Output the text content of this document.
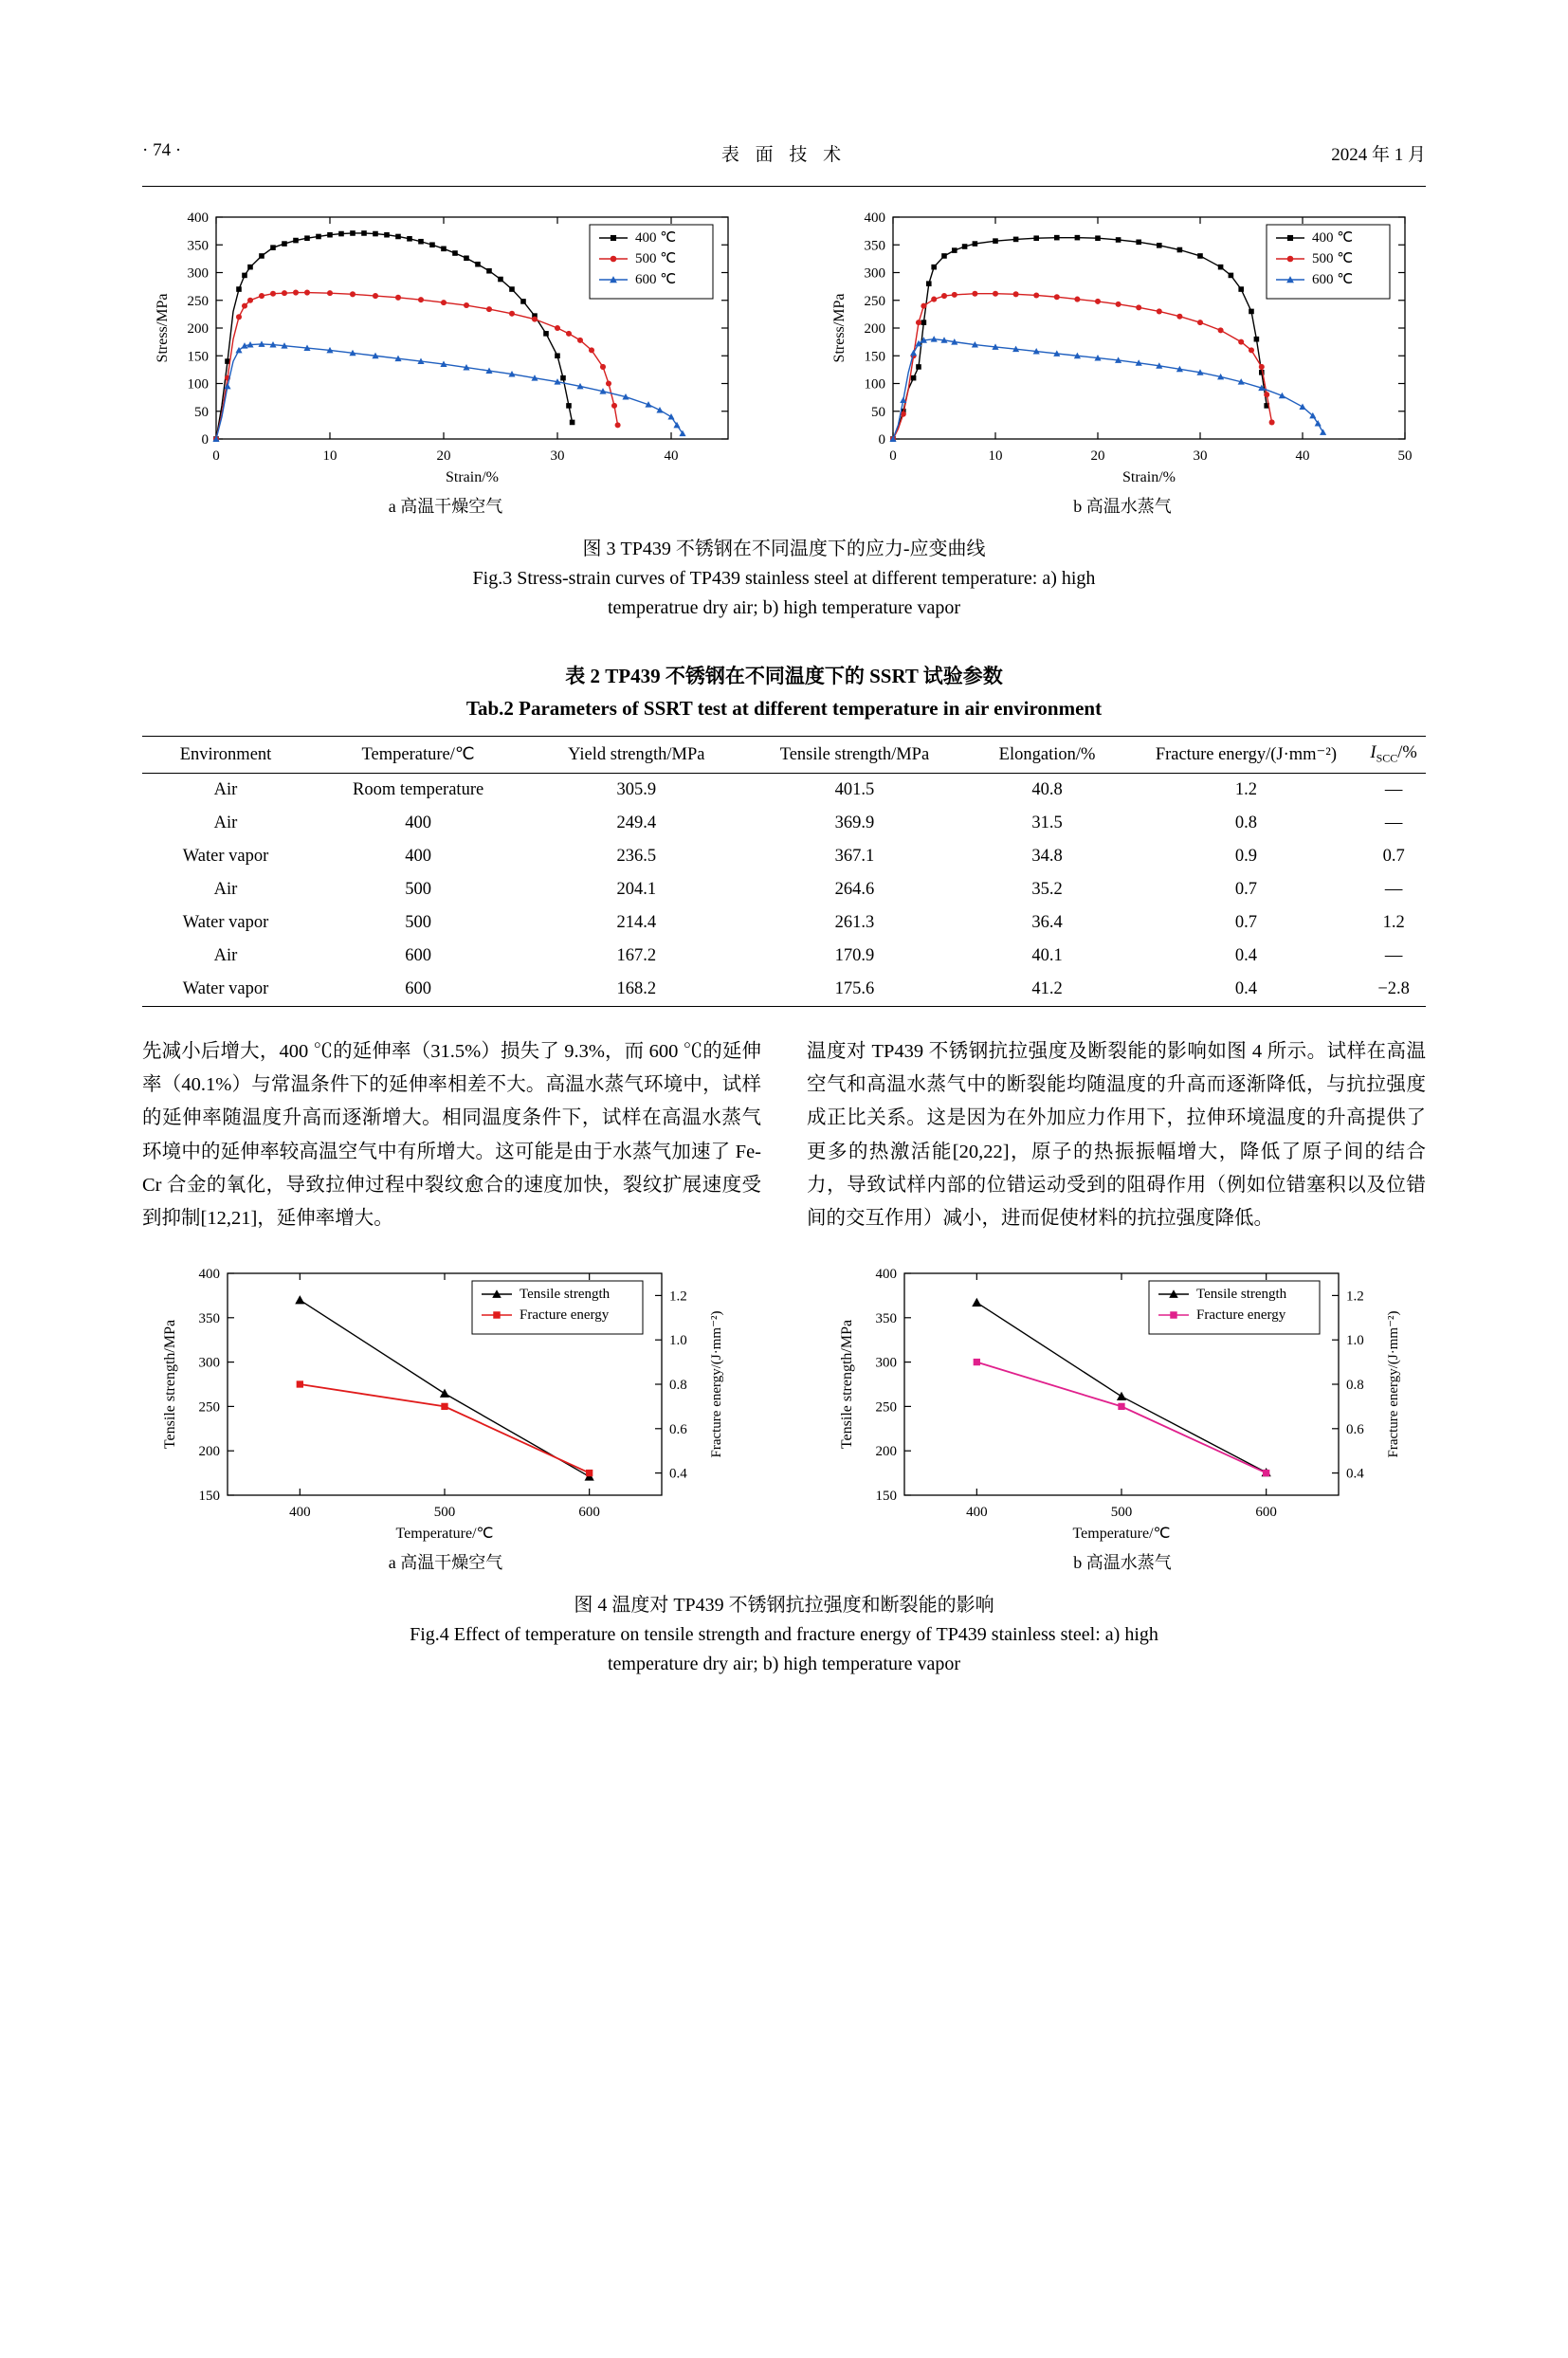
· 74 ·	表 面 技 术	2024 年 1 月
0	10	20	30	40
0
50
100
150
200
250
300
350
400
Strain/%
Stress/MPa
400 ℃
500 ℃
600 ℃
a 高温干燥空气
0	10	20	30	40	50
0
50
100
150
200
250
300
350
400
Strain/%
Stress/MPa
400 ℃
500 ℃
600 ℃
b 高温水蒸气
图 3 TP439 不锈钢在不同温度下的应力-应变曲线
Fig.3 Stress-strain curves of TP439 stainless steel at different temperature: a) high
temperatrue dry air; b) high temperature vapor
表 2 TP439 不锈钢在不同温度下的 SSRT 试验参数
Tab.2 Parameters of SSRT test at different temperature in air environment
Environment	Temperature/℃	Yield strength/MPa	Tensile strength/MPa	Elongation/%	Fracture energy/(J·mm⁻²)	$I_{SCC}/\%$
Air	Room temperature	305.9	401.5	40.8	1.2	—
Air	400	249.4	369.9	31.5	0.8	—
Water vapor	400	236.5	367.1	34.8	0.9	0.7
Air	500	204.1	264.6	35.2	0.7	—
Water vapor	500	214.4	261.3	36.4	0.7	1.2
Air	600	167.2	170.9	40.1	0.4	—
Water vapor	600	168.2	175.6	41.2	0.4	−2.8

先减小后增大，400 ℃的延伸率（31.5%）损失了 9.3%，而 600 ℃的延伸率（40.1%）与常温条件下的延伸率相差不大。高温水蒸气环境中，试样的延伸率随温度升高而逐渐增大。相同温度条件下，试样在高温水蒸气环境中的延伸率较高温空气中有所增大。这可能是由于水蒸气加速了 Fe-Cr 合金的氧化，导致拉伸过程中裂纹愈合的速度加快，裂纹扩展速度受到抑制[12,21]，延伸率增大。

温度对 TP439 不锈钢抗拉强度及断裂能的影响如图 4 所示。试样在高温空气和高温水蒸气中的断裂能均随温度的升高而逐渐降低，与抗拉强度成正比关系。这是因为在外加应力作用下，拉伸环境温度的升高提供了更多的热激活能[20,22]，原子的热振振幅增大，降低了原子间的结合力，导致试样内部的位错运动受到的阻碍作用（例如位错塞积以及位错间的交互作用）减小，进而促使材料的抗拉强度降低。

400	500	600
150
200
250
300
350
400
0.4
0.6
0.8
1.0
1.2
Temperature/℃
Tensile strength/MPa	Fracture energy/(J·mm⁻²)
Tensile strength
Fracture energy
a 高温干燥空气
400	500	600
150
200
250
300
350
400
0.4
0.6
0.8
1.0
1.2
Temperature/℃
Tensile strength/MPa	Fracture energy/(J·mm⁻²)
Tensile strength
Fracture energy
b 高温水蒸气
图 4 温度对 TP439 不锈钢抗拉强度和断裂能的影响
Fig.4 Effect of temperature on tensile strength and fracture energy of TP439 stainless steel: a) high
temperature dry air; b) high temperature vapor
